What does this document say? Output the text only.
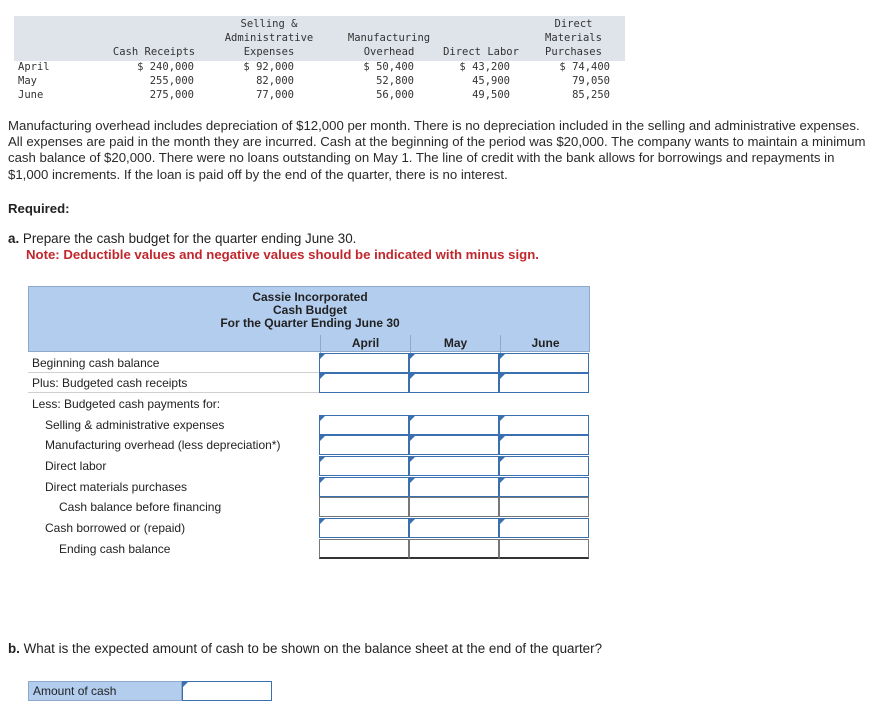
Cash Receipts
Selling &
Administrative
Expenses
Manufacturing
Overhead	Direct Labor
Direct
Materials
Purchases
April	$ 240,000	$ 92,000	$ 50,400	$ 43,200	$ 74,400
May	255,000	82,000	52,800	45,900	79,050
June	275,000	77,000	56,000	49,500	85,250

Manufacturing overhead includes depreciation of $12,000 per month. There is no depreciation included in the selling and administrative expenses. All expenses are paid in the month they are incurred. Cash at the beginning of the period was $20,000. The company wants to maintain a minimum cash balance of $20,000. There were no loans outstanding on May 1. The line of credit with the bank allows for borrowings and repayments in $1,000 increments. If the loan is paid off by the end of the quarter, there is no interest.

Required:
a. Prepare the cash budget for the quarter ending June 30.
Note: Deductible values and negative values should be indicated with minus sign.
Cassie Incorporated
Cash Budget
For the Quarter Ending June 30
April	May	June
Beginning cash balance
Plus: Budgeted cash receipts
Less: Budgeted cash payments for:
Selling & administrative expenses
Manufacturing overhead (less depreciation*)
Direct labor
Direct materials purchases
Cash balance before financing
Cash borrowed or (repaid)
Ending cash balance
b. What is the expected amount of cash to be shown on the balance sheet at the end of the quarter?
Amount of cash
